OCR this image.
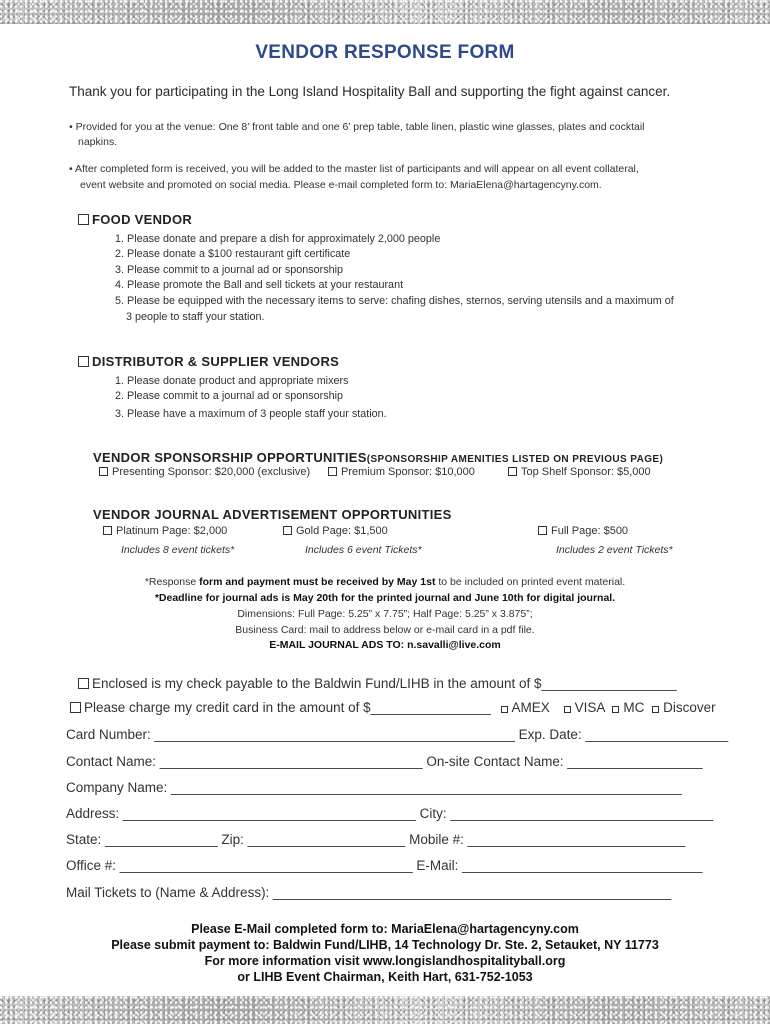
VENDOR RESPONSE FORM
Thank you for participating in the Long Island Hospitality Ball and supporting the fight against cancer.
• Provided for you at the venue: One 8’ front table and one 6’ prep table, table linen, plastic wine glasses, plates and cocktail
napkins.
• After completed form is received, you will be added to the master list of participants and will appear on all event collateral,
event website and promoted on social media. Please e-mail completed form to: MariaElena@hartagencyny.com.
FOOD VENDOR
1. Please donate and prepare a dish for approximately 2,000 people
2. Please donate a $100 restaurant gift certificate
3. Please commit to a journal ad or sponsorship
4. Please promote the Ball and sell tickets at your restaurant
5. Please be equipped with the necessary items to serve: chafing dishes, sternos, serving utensils and a maximum of
3 people to staff your station.
DISTRIBUTOR & SUPPLIER VENDORS
1. Please donate product and appropriate mixers
2. Please commit to a journal ad or sponsorship
3. Please have a maximum of 3 people staff your station.
VENDOR SPONSORSHIP OPPORTUNITIES(SPONSORSHIP AMENITIES LISTED ON PREVIOUS PAGE)
Presenting Sponsor: $20,000 (exclusive)	Premium Sponsor: $10,000	Top Shelf Sponsor: $5,000
VENDOR JOURNAL ADVERTISEMENT OPPORTUNITIES
Platinum Page: $2,000	Gold Page: $1,500	Full Page: $500
Includes 8 event tickets*	Includes 6 event Tickets*	Includes 2 event Tickets*
*Response form and payment must be received by May 1st to be included on printed event material.
*Deadline for journal ads is May 20th for the printed journal and June 10th for digital journal.
Dimensions: Full Page: 5.25” x 7.75”; Half Page: 5.25” x 3.875”;
Business Card: mail to address below or e-mail card in a pdf file.
E-MAIL JOURNAL ADS TO: n.savalli@live.com
Enclosed is my check payable to the Baldwin Fund/LIHB in the amount of $__________________
Please charge my credit card in the amount of $________________ AMEX VISA MC Discover
Card Number: ________________________________________________ Exp. Date: ___________________
Contact Name: ___________________________________ On-site Contact Name: __________________
Company Name: ____________________________________________________________________
Address: _______________________________________ City: ___________________________________
State: _______________ Zip: _____________________ Mobile #: _____________________________
Office #: _______________________________________ E-Mail: ________________________________
Mail Tickets to (Name & Address): _____________________________________________________
Please E-Mail completed form to: MariaElena@hartagencyny.com
Please submit payment to: Baldwin Fund/LIHB, 14 Technology Dr. Ste. 2, Setauket, NY 11773
For more information visit www.longislandhospitalityball.org
or LIHB Event Chairman, Keith Hart, 631-752-1053
